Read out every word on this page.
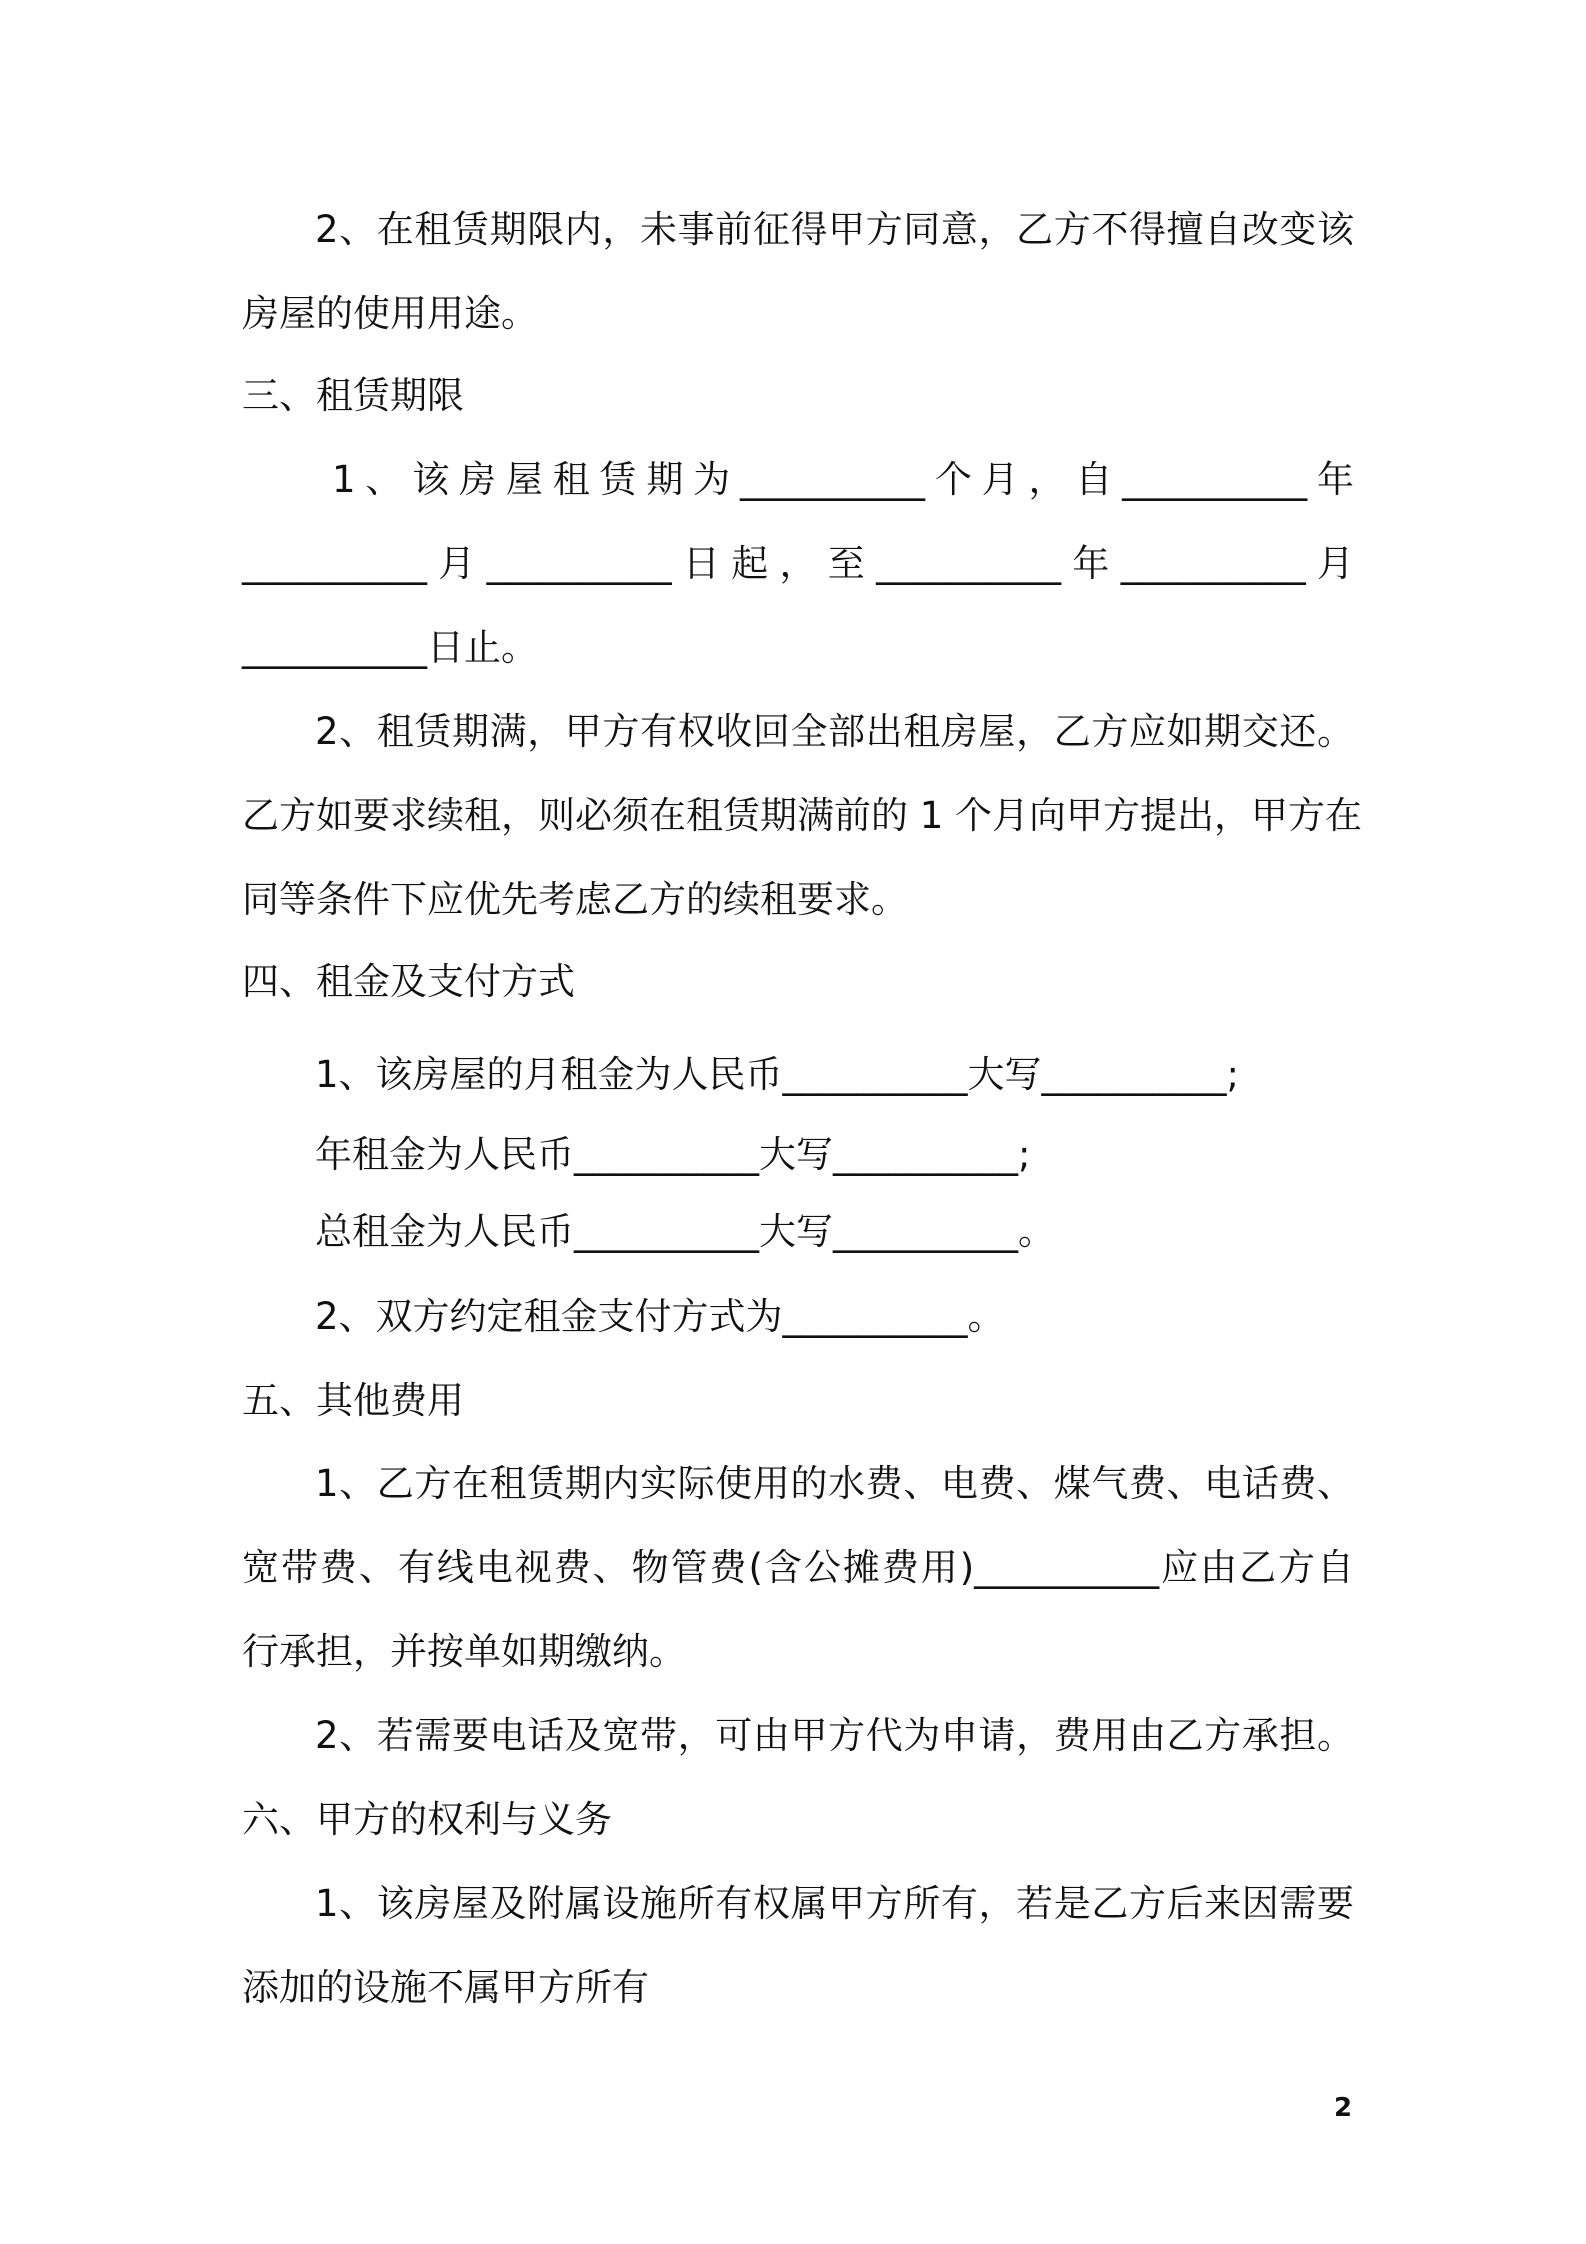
2、在租赁期限内，未事前征得甲方同意，乙方不得擅自改变该
房屋的使用用途。
三、租赁期限
1、该房屋租赁期为__________个月，自__________年
__________月__________日起，至__________年__________月
__________日止。
2、租赁期满，甲方有权收回全部出租房屋，乙方应如期交还。
乙方如要求续租，则必须在租赁期满前的 1 个月向甲方提出，甲方在
同等条件下应优先考虑乙方的续租要求。
四、租金及支付方式
1、该房屋的月租金为人民币__________大写__________;
年租金为人民币__________大写__________;
总租金为人民币__________大写__________。
2、双方约定租金支付方式为__________。
五、其他费用
1、乙方在租赁期内实际使用的水费、电费、煤气费、电话费、
宽带费、有线电视费、物管费(含公摊费用)__________应由乙方自
行承担，并按单如期缴纳。
2、若需要电话及宽带，可由甲方代为申请，费用由乙方承担。
六、甲方的权利与义务
1、该房屋及附属设施所有权属甲方所有，若是乙方后来因需要
添加的设施不属甲方所有
2
